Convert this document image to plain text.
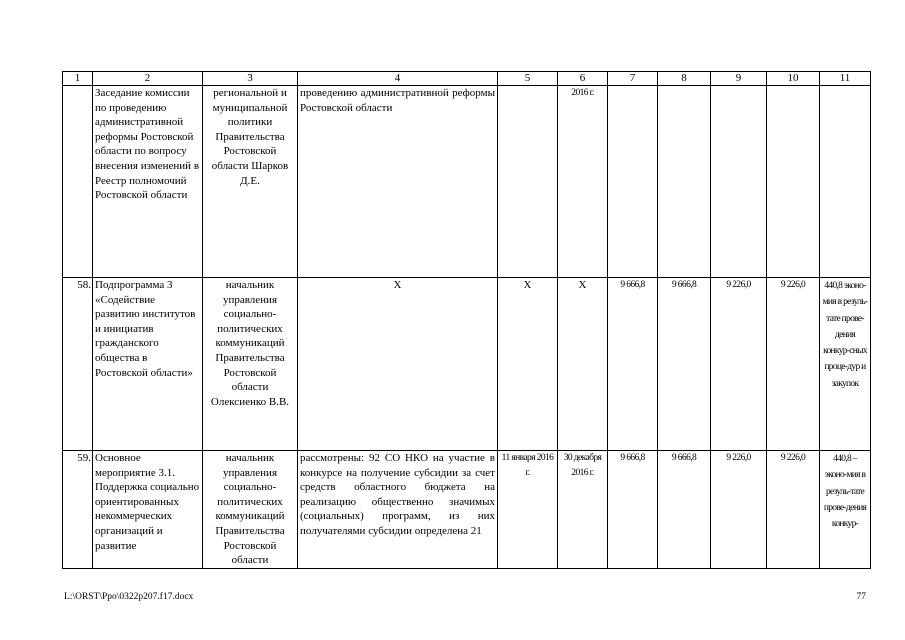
1	2	3	4	5	6	7	8	9	10	11
	Заседание комиссии по проведению административной реформы Ростовской области по вопросу внесения изменений в Реестр полномочий Ростовской области	региональной и муниципальной политики Правительства Ростовской области Шарков Д.Е.	проведению административной реформы Ростовской области		2016 г.					
58.	Подпрограмма 3 «Содействие развитию институтов и инициатив гражданского общества в Ростовской области»	начальник управления социально-политических коммуникаций Правительства Ростовской области Олексиенко В.В.	Х	Х	Х	9 666,8	9 666,8	9 226,0	9 226,0	440,8 эконо-мия в резуль-тате прове-дения конкур-сных проце-дур и закупок
59.	Основное мероприятие 3.1. Поддержка социально ориентированных некоммерческих организаций и развитие	начальник управления социально-политических коммуникаций Правительства Ростовской области	рассмотрены: 92 СО НКО на участие в конкурсе на получение субсидии за счет средств областного бюджета на реализацию общественно значимых (социальных) программ, из них получателями субсидии определена 21	11 января 2016 г.	30 декабря 2016 г.	9 666,8	9 666,8	9 226,0	9 226,0	440,8 – эконо-мия в резуль-тате прове-дения конкур-
L:\ORST\Ppo\0322p207.f17.docx	77
